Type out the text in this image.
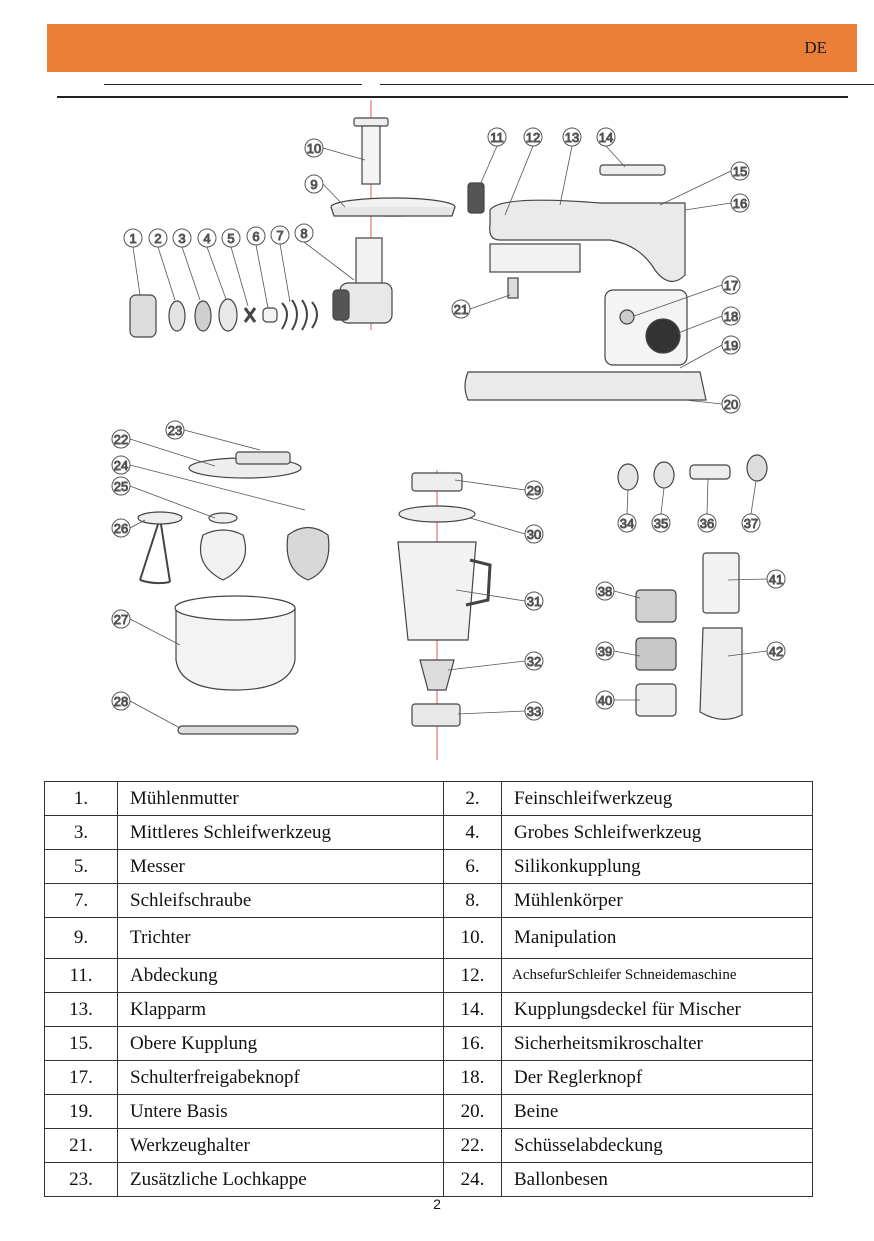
DE
1 2 3 4 5 6 7 8
9
10
11 12 13 14
15
16
17
18
19
20
21
22
23
24
25
26
27
28
29
30
31
32
33
34 35 36 37
38
39
40
41
42
1.	Mühlenmutter	2.	Feinschleifwerkzeug
3.	Mittleres Schleifwerkzeug	4.	Grobes Schleifwerkzeug
5.	Messer	6.	Silikonkupplung
7.	Schleifschraube	8.	Mühlenkörper
9.	Trichter	10.	Manipulation
11.	Abdeckung	12.	AchsefurSchleifer Schneidemaschine
13.	Klapparm	14.	Kupplungsdeckel für Mischer
15.	Obere Kupplung	16.	Sicherheitsmikroschalter
17.	Schulterfreigabeknopf	18.	Der Reglerknopf
19.	Untere Basis	20.	Beine
21.	Werkzeughalter	22.	Schüsselabdeckung
23.	Zusätzliche Lochkappe	24.	Ballonbesen
2
